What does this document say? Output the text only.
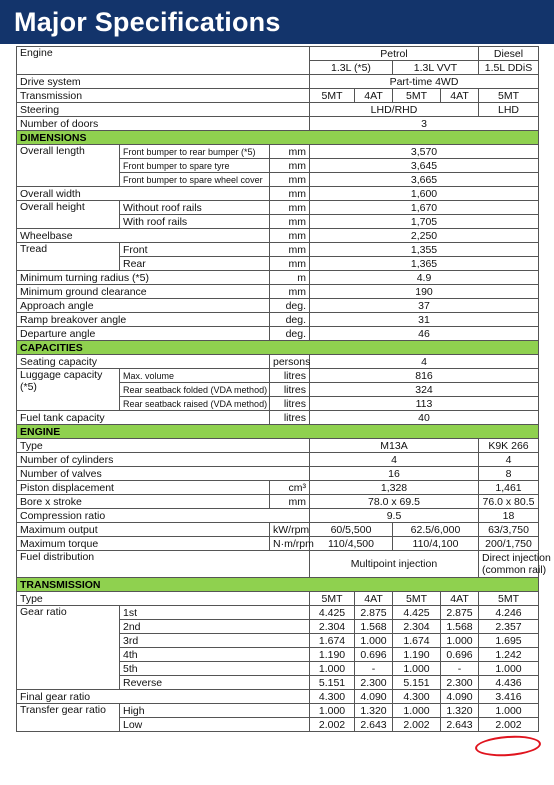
Major Specifications
Engine			Petrol				Diesel
			1.3L (*5)		1.3L VVT		1.5L DDiS
Drive system			Part-time 4WD				
Transmission			5MT	4AT	5MT	4AT	5MT
Steering			LHD/RHD				LHD
Number of doors			3				
DIMENSIONS							
Overall length	Front bumper to rear bumper (*5)	mm	3,570				
	Front bumper to spare tyre	mm	3,645				
	Front bumper to spare wheel cover	mm	3,665				
Overall width		mm	1,600				
Overall height	Without roof rails	mm	1,670				
	With roof rails	mm	1,705				
Wheelbase		mm	2,250				
Tread	Front	mm	1,355				
	Rear	mm	1,365				
Minimum turning radius (*5)		m	4.9				
Minimum ground clearance		mm	190				
Approach angle		deg.	37				
Ramp breakover angle		deg.	31				
Departure angle		deg.	46				
CAPACITIES							
Seating capacity		persons	4				
Luggage capacity
(*5)	Max. volume	litres	816				
	Rear seatback folded (VDA method)	litres	324				
	Rear seatback raised (VDA method)	litres	113				
Fuel tank capacity		litres	40				
ENGINE							
Type			M13A				K9K 266
Number of cylinders			4				4
Number of valves			16				8
Piston displacement		cm³	1,328				1,461
Bore x stroke		mm	78.0 x 69.5				76.0 x 80.5
Compression ratio			9.5				18
Maximum output		kW/rpm	60/5,500		62.5/6,000		63/3,750
Maximum torque		N·m/rpm	110/4,500		110/4,100		200/1,750
Fuel distribution			Multipoint injection				Direct injection
(common rail)
TRANSMISSION							
Type			5MT	4AT	5MT	4AT	5MT
Gear ratio	1st		4.425	2.875	4.425	2.875	4.246
	2nd		2.304	1.568	2.304	1.568	2.357
	3rd		1.674	1.000	1.674	1.000	1.695
	4th		1.190	0.696	1.190	0.696	1.242
	5th		1.000	-	1.000	-	1.000
	Reverse		5.151	2.300	5.151	2.300	4.436
Final gear ratio			4.300	4.090	4.300	4.090	3.416
Transfer gear ratio	High		1.000	1.320	1.000	1.320	1.000
	Low		2.002	2.643	2.002	2.643	2.002
